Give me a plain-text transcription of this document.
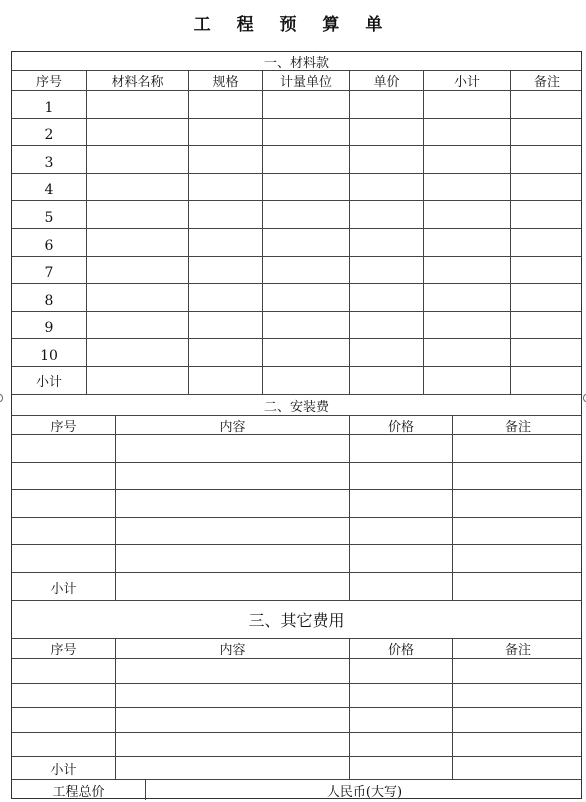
工 程 预 算 单
一、材料款
序号	材料名称	规格	计量单位	单价	小计	备注
1
2
3
4
5
6
7
8
9
10
小计
二、安装费
序号	内容	价格	备注
小计
三、其它费用
序号	内容	价格	备注
小计
工程总价	人民币(大写)
